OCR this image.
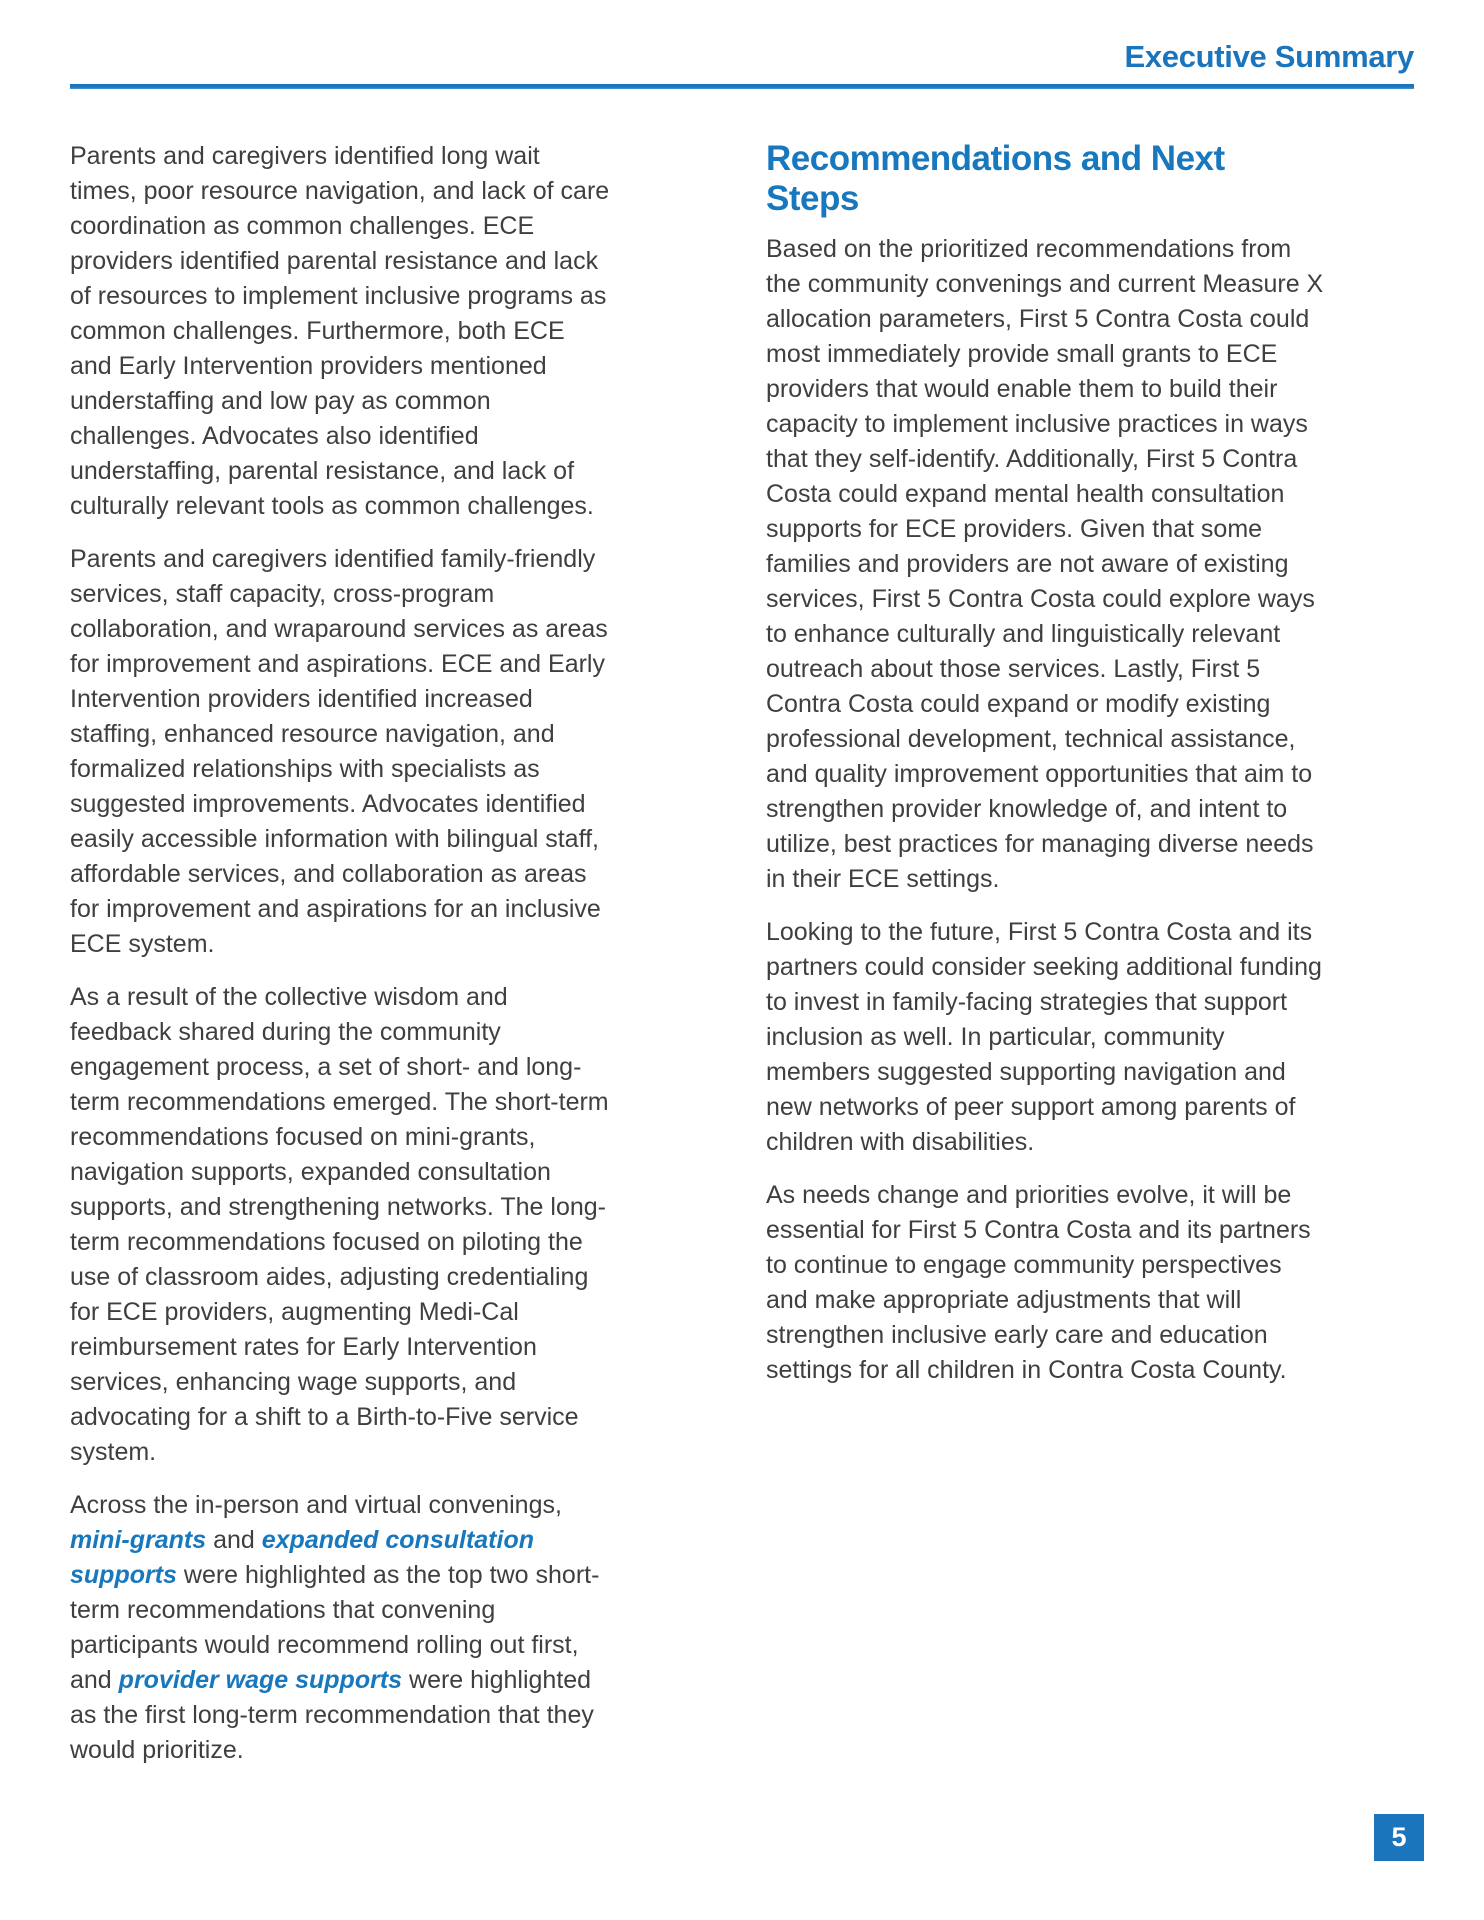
Executive Summary

Parents and caregivers identified long wait times, poor resource navigation, and lack of care coordination as common challenges. ECE providers identified parental resistance and lack of resources to implement inclusive programs as common challenges. Furthermore, both ECE and Early Intervention providers mentioned understaffing and low pay as common challenges. Advocates also identified understaffing, parental resistance, and lack of culturally relevant tools as common challenges.

Parents and caregivers identified family-friendly services, staff capacity, cross-program collaboration, and wraparound services as areas for improvement and aspirations. ECE and Early Intervention providers identified increased staffing, enhanced resource navigation, and formalized relationships with specialists as suggested improvements. Advocates identified easily accessible information with bilingual staff, affordable services, and collaboration as areas for improvement and aspirations for an inclusive ECE system.

As a result of the collective wisdom and feedback shared during the community engagement process, a set of short- and long-term recommendations emerged. The short-term recommendations focused on mini-grants, navigation supports, expanded consultation supports, and strengthening networks. The long-term recommendations focused on piloting the use of classroom aides, adjusting credentialing for ECE providers, augmenting Medi-Cal reimbursement rates for Early Intervention services, enhancing wage supports, and advocating for a shift to a Birth-to-Five service system.

Across the in-person and virtual convenings, mini-grants and expanded consultation supports were highlighted as the top two short-term recommendations that convening participants would recommend rolling out first, and provider wage supports were highlighted as the first long-term recommendation that they would prioritize.

Recommendations and Next Steps

Based on the prioritized recommendations from the community convenings and current Measure X allocation parameters, First 5 Contra Costa could most immediately provide small grants to ECE providers that would enable them to build their capacity to implement inclusive practices in ways that they self-identify. Additionally, First 5 Contra Costa could expand mental health consultation supports for ECE providers. Given that some families and providers are not aware of existing services, First 5 Contra Costa could explore ways to enhance culturally and linguistically relevant outreach about those services. Lastly, First 5 Contra Costa could expand or modify existing professional development, technical assistance, and quality improvement opportunities that aim to strengthen provider knowledge of, and intent to utilize, best practices for managing diverse needs in their ECE settings.

Looking to the future, First 5 Contra Costa and its partners could consider seeking additional funding to invest in family-facing strategies that support inclusion as well. In particular, community members suggested supporting navigation and new networks of peer support among parents of children with disabilities.

As needs change and priorities evolve, it will be essential for First 5 Contra Costa and its partners to continue to engage community perspectives and make appropriate adjustments that will strengthen inclusive early care and education settings for all children in Contra Costa County.

5
